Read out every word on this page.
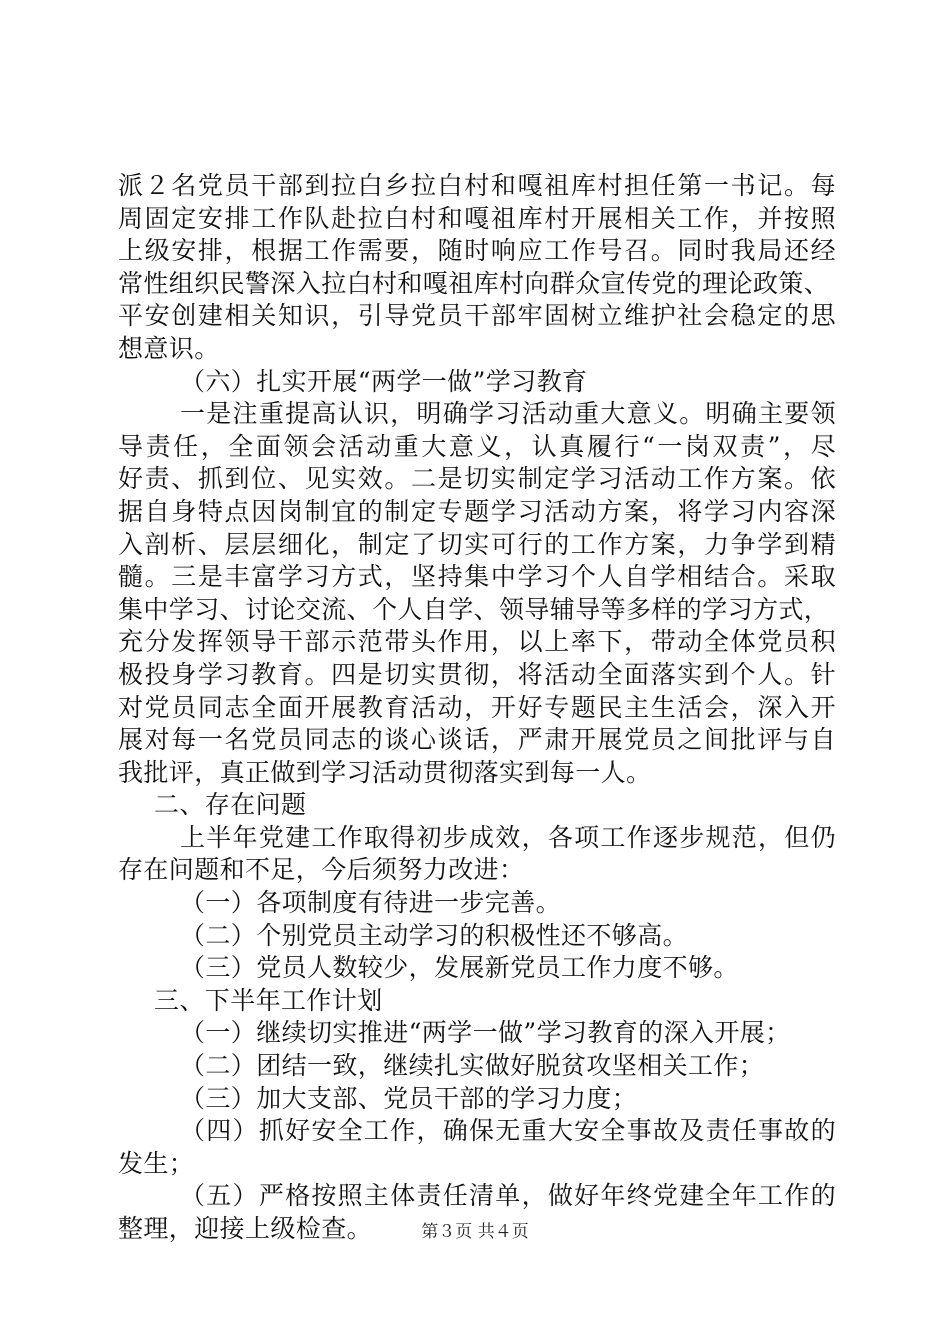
派２名党员干部到拉白乡拉白村和嘎祖库村担任第一书记。每
周固定安排工作队赴拉白村和嘎祖库村开展相关工作，并按照
上级安排，根据工作需要，随时响应工作号召。同时我局还经
常性组织民警深入拉白村和嘎祖库村向群众宣传党的理论政策、
平安创建相关知识，引导党员干部牢固树立维护社会稳定的思
想意识。
（六）扎实开展“两学一做”学习教育
一是注重提高认识，明确学习活动重大意义。明确主要领
导责任，全面领会活动重大意义，认真履行“一岗双责”，尽
好责、抓到位、见实效。二是切实制定学习活动工作方案。依
据自身特点因岗制宜的制定专题学习活动方案，将学习内容深
入剖析、层层细化，制定了切实可行的工作方案，力争学到精
髓。三是丰富学习方式，坚持集中学习个人自学相结合。采取
集中学习、讨论交流、个人自学、领导辅导等多样的学习方式，
充分发挥领导干部示范带头作用，以上率下，带动全体党员积
极投身学习教育。四是切实贯彻，将活动全面落实到个人。针
对党员同志全面开展教育活动，开好专题民主生活会，深入开
展对每一名党员同志的谈心谈话，严肃开展党员之间批评与自
我批评，真正做到学习活动贯彻落实到每一人。
二、存在问题
上半年党建工作取得初步成效，各项工作逐步规范，但仍
存在问题和不足，今后须努力改进：
（一）各项制度有待进一步完善。
（二）个别党员主动学习的积极性还不够高。
（三）党员人数较少，发展新党员工作力度不够。
三、下半年工作计划
（一）继续切实推进“两学一做”学习教育的深入开展；
（二）团结一致，继续扎实做好脱贫攻坚相关工作；
（三）加大支部、党员干部的学习力度；
（四）抓好安全工作，确保无重大安全事故及责任事故的
发生；
（五）严格按照主体责任清单，做好年终党建全年工作的
整理，迎接上级检查。	第３页 共４页
